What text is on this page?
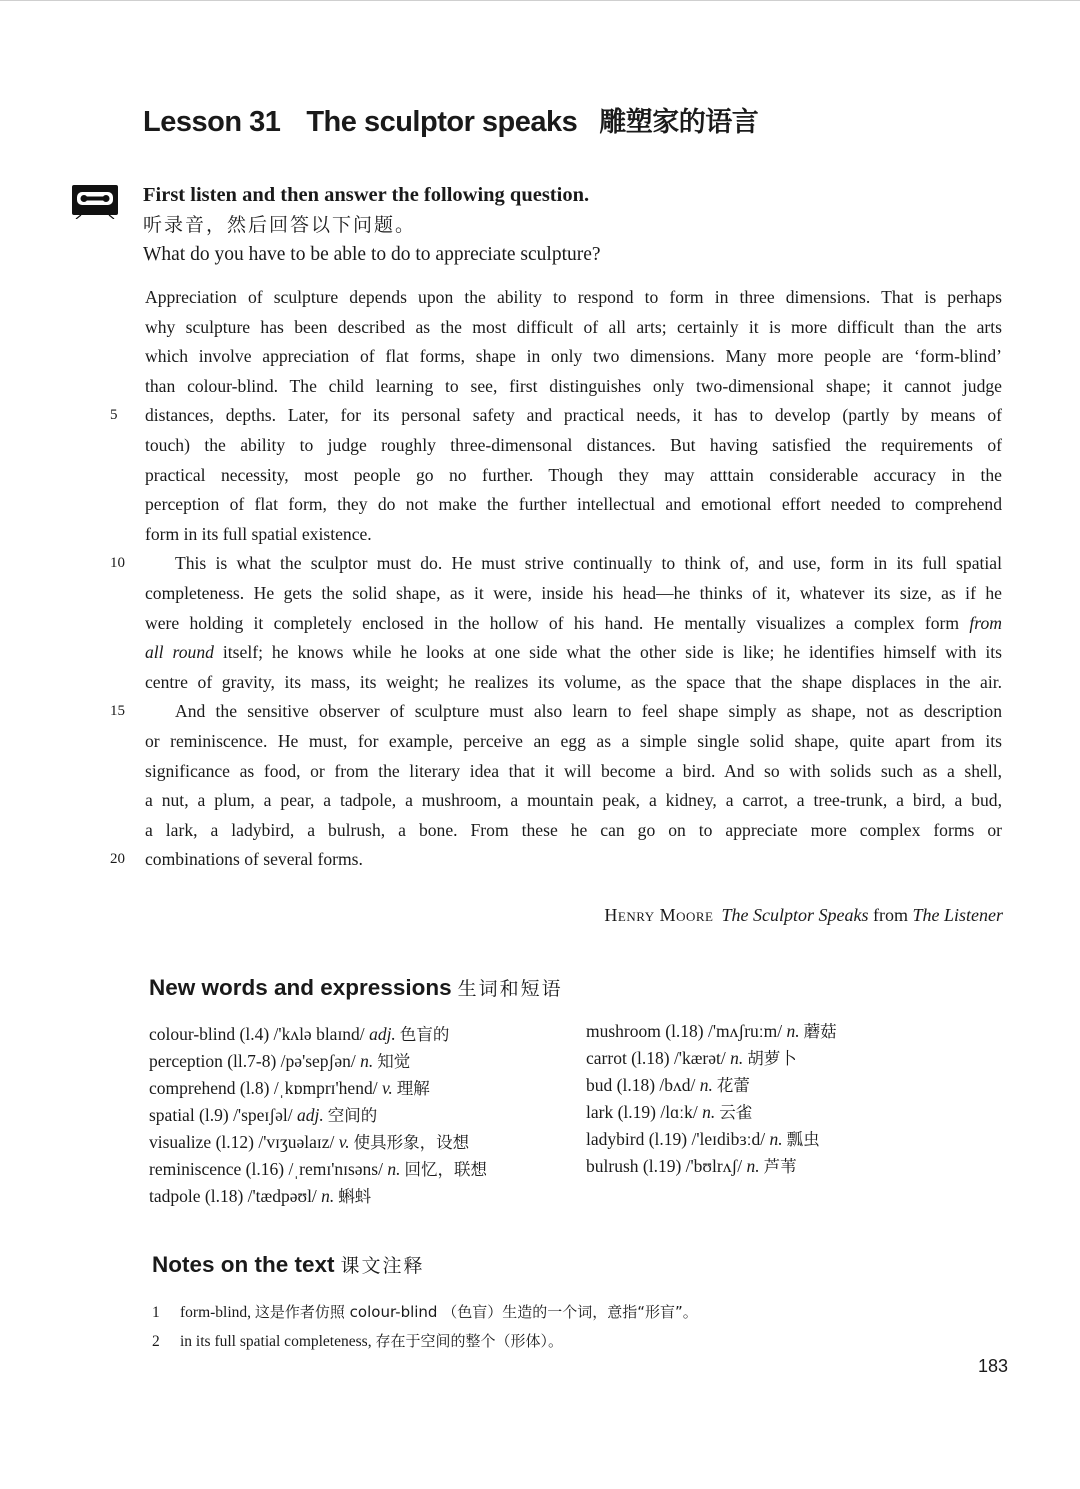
Lesson 31 The sculptor speaks 雕塑家的语言
First listen and then answer the following question.
听录音，然后回答以下问题。
What do you have to be able to do to appreciate sculpture?
Appreciation of sculpture depends upon the ability to respond to form in three dimensions. That is perhaps
why sculpture has been described as the most difficult of all arts; certainly it is more difficult than the arts
which involve appreciation of flat forms, shape in only two dimensions. Many more people are ‘form-blind’
than colour-blind. The child learning to see, first distinguishes only two-dimensional shape; it cannot judge
5 distances, depths. Later, for its personal safety and practical needs, it has to develop (partly by means of
touch) the ability to judge roughly three-dimensonal distances. But having satisfied the requirements of
practical necessity, most people go no further. Though they may atttain considerable accuracy in the
perception of flat form, they do not make the further intellectual and emotional effort needed to comprehend
form in its full spatial existence.
10	This is what the sculptor must do. He must strive continually to think of, and use, form in its full spatial
completeness. He gets the solid shape, as it were, inside his head—he thinks of it, whatever its size, as if he
were holding it completely enclosed in the hollow of his hand. He mentally visualizes a complex form from
all round itself; he knows while he looks at one side what the other side is like; he identifies himself with its
centre of gravity, its mass, its weight; he realizes its volume, as the space that the shape displaces in the air.
15	And the sensitive observer of sculpture must also learn to feel shape simply as shape, not as description
or reminiscence. He must, for example, perceive an egg as a simple single solid shape, quite apart from its
significance as food, or from the literary idea that it will become a bird. And so with solids such as a shell,
a nut, a plum, a pear, a tadpole, a mushroom, a mountain peak, a kidney, a carrot, a tree-trunk, a bird, a bud,
a lark, a ladybird, a bulrush, a bone. From these he can go on to appreciate more complex forms or
20 combinations of several forms.
Henry Moore The Sculptor Speaks from The Listener
New words and expressions 生词和短语
colour-blind (l.4) /'kʌlə blaɪnd/ adj. 色盲的
perception (ll.7-8) /pə'sepʃən/ n. 知觉
comprehend (l.8) /ˌkɒmprɪ'hend/ v. 理解
spatial (l.9) /'speɪʃəl/ adj. 空间的
visualize (l.12) /'vɪʒuəlaɪz/ v. 使具形象，设想
reminiscence (l.16) /ˌremɪ'nɪsəns/ n. 回忆，联想
tadpole (l.18) /'tædpəʊl/ n. 蝌蚪
mushroom (l.18) /'mʌʃruːm/ n. 蘑菇
carrot (l.18) /'kærət/ n. 胡萝卜
bud (l.18) /bʌd/ n. 花蕾
lark (l.19) /lɑːk/ n. 云雀
ladybird (l.19) /'leɪdibɜːd/ n. 瓢虫
bulrush (l.19) /'bʊlrʌʃ/ n. 芦苇
Notes on the text 课文注释
1 form-blind, 这是作者仿照 colour-blind （色盲）生造的一个词，意指“形盲”。
2 in its full spatial completeness, 存在于空间的整个（形体）。
183
